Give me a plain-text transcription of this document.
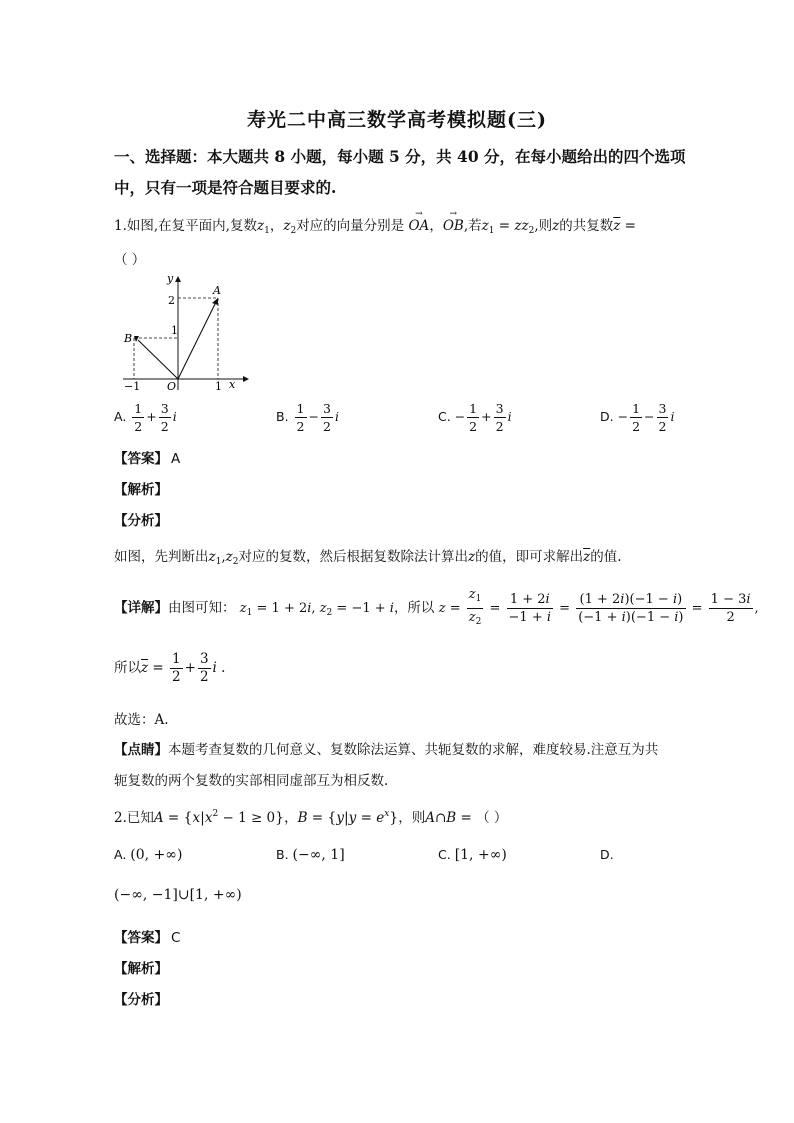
寿光二中高三数学高考模拟题(三)
一、选择题：本大题共 8 小题，每小题 5 分，共 40 分，在每小题给出的四个选项
中，只有一项是符合题目要求的.
1.如图,在复平面内,复数$z_1$，$z_2$对应的向量分别是
→
OA，
→
OB,若$z_1 = zz_2$,则z的共复数$\overline{z}$ =
（ ）
y
x
O
A
B
2
1
−1	1
A. $\frac{1}{2} + \frac{3}{2}$ i	B. $\frac{1}{2} - \frac{3}{2}$ i	C. − $\frac{1}{2} + \frac{3}{2}$ i	D. − $\frac{1}{2} - \frac{3}{2}$ i
【答案】 A
【解析】
【分析】
如图，先判断出$z_1,z_2$对应的复数，然后根据复数除法计算出z的值，即可求解出$\overline{z}$的值.
【详解】由图可知： $z_1 = 1 + 2i$, $z_2 = -1 + i$，所以 $z = \frac{z_1}{z_2} = \frac{1 + 2i}{-1 + i} = \frac{(1 + 2i)(-1 - i)}{(-1 + i)(-1 - i)} = \frac{1 - 3i}{2}$ ,
所以$\overline{z} = \frac{1}{2} + \frac{3}{2}$ i .
故选：A.
【点睛】本题考查复数的几何意义、复数除法运算、共轭复数的求解，难度较易.注意互为共
轭复数的两个复数的实部相同虚部互为相反数.
2.已知$A = \{x|x^2 - 1 \ge 0\}$，$B = \{y|y = e^x\}$，则A∩B = （ ）
A. (0, +∞)	B. (−∞, 1]	C. [1, +∞)	D.
(−∞, −1]∪[1, +∞)
【答案】 C
【解析】
【分析】
